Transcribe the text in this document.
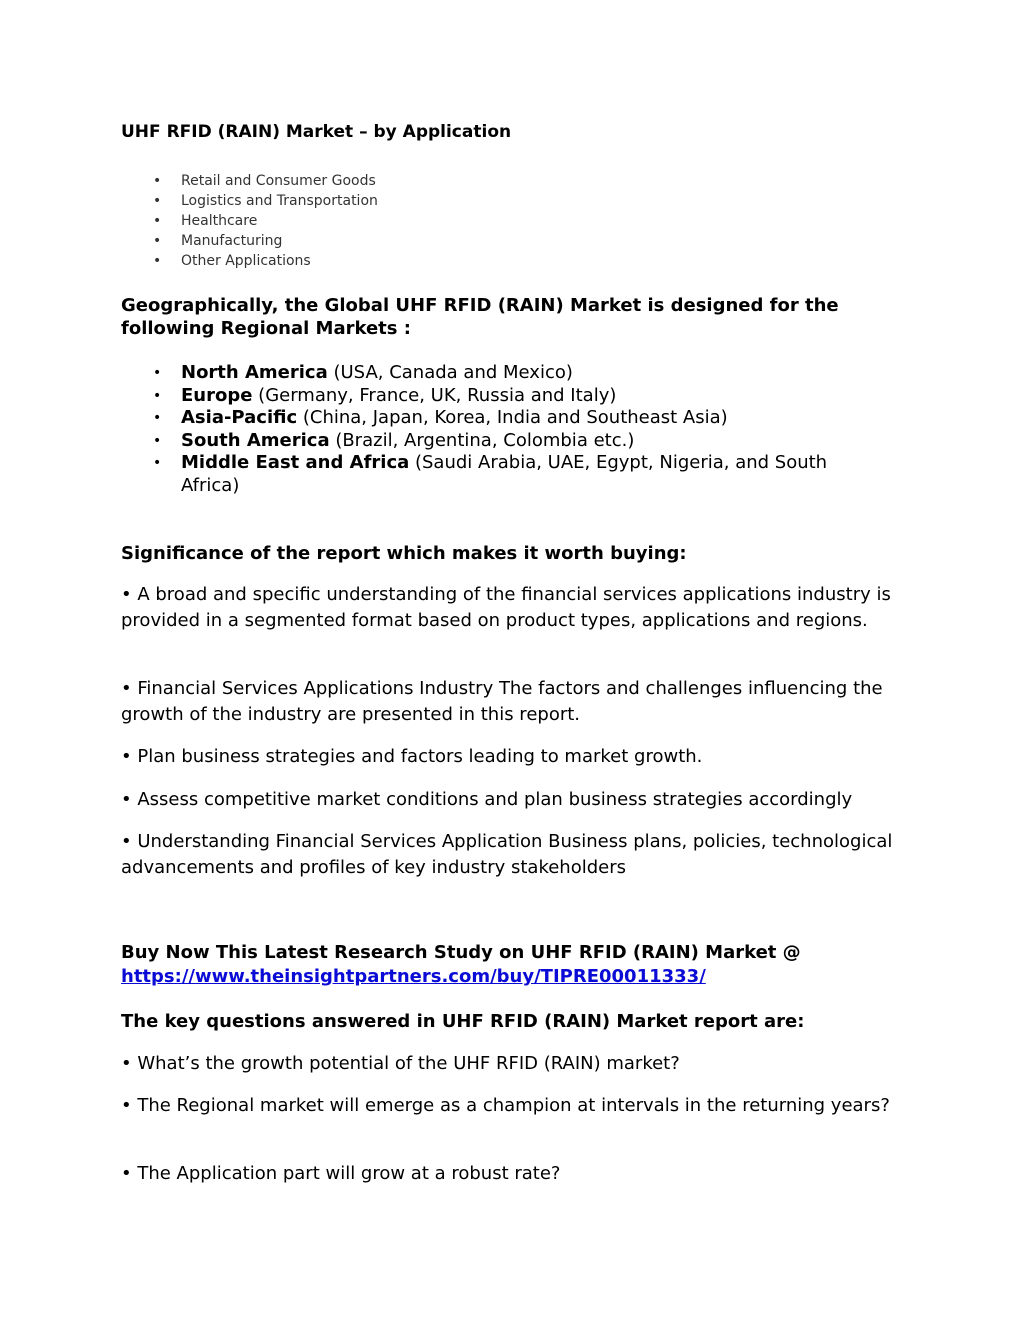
UHF RFID (RAIN) Market – by Application
• Retail and Consumer Goods
• Logistics and Transportation
• Healthcare
• Manufacturing
• Other Applications
Geographically, the Global UHF RFID (RAIN) Market is designed for the following Regional Markets :
• North America (USA, Canada and Mexico)
• Europe (Germany, France, UK, Russia and Italy)
• Asia-Pacific (China, Japan, Korea, India and Southeast Asia)
• South America (Brazil, Argentina, Colombia etc.)
• Middle East and Africa (Saudi Arabia, UAE, Egypt, Nigeria, and South Africa)
Significance of the report which makes it worth buying:
• A broad and specific understanding of the financial services applications industry is provided in a segmented format based on product types, applications and regions.
• Financial Services Applications Industry The factors and challenges influencing the growth of the industry are presented in this report.
• Plan business strategies and factors leading to market growth.
• Assess competitive market conditions and plan business strategies accordingly
• Understanding Financial Services Application Business plans, policies, technological advancements and profiles of key industry stakeholders
Buy Now This Latest Research Study on UHF RFID (RAIN) Market @
https://www.theinsightpartners.com/buy/TIPRE00011333/
The key questions answered in UHF RFID (RAIN) Market report are:
• What’s the growth potential of the UHF RFID (RAIN) market?
• The Regional market will emerge as a champion at intervals in the returning years?
• The Application part will grow at a robust rate?
